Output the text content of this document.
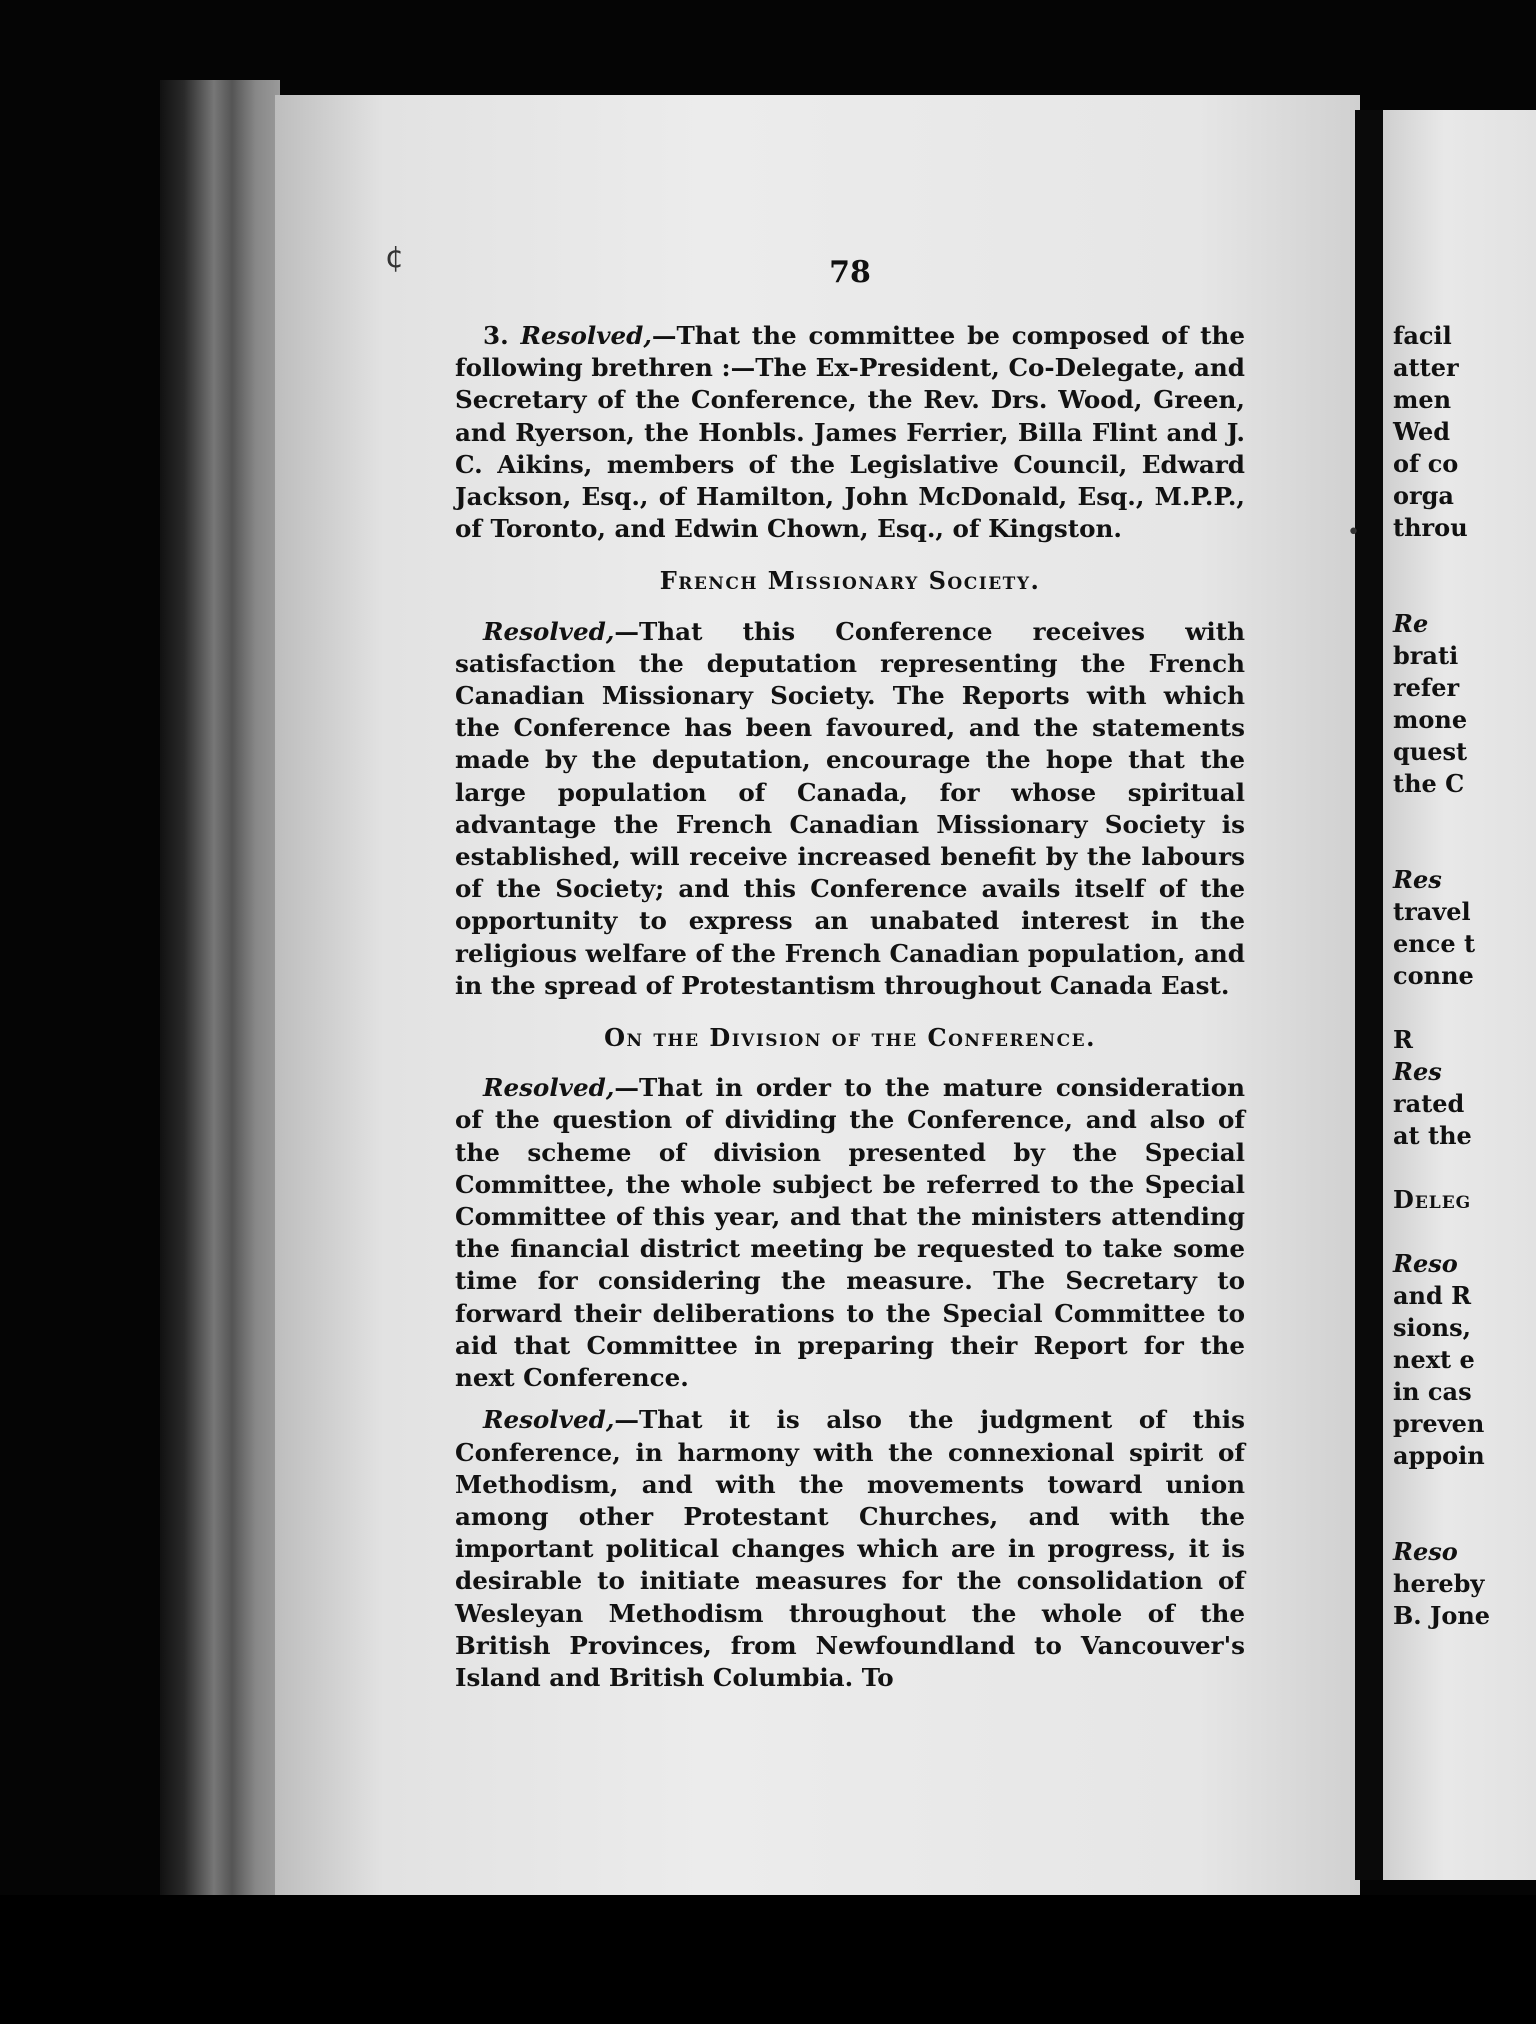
facil
atter
men
Wed
of co
orga
throu
Re
brati
refer
mone
quest
the C
Res
travel
ence t
conne
R
Res
rated
at the
Deleg
Reso
and R
sions,
next e
in cas
preven
appoin
Reso
hereby
B. Jone
78

3. Resolved,—That the committee be composed of the following brethren :—The Ex-President, Co-Delegate, and Secretary of the Conference, the Rev. Drs. Wood, Green, and Ryerson, the Honbls. James Ferrier, Billa Flint and J. C. Aikins, members of the Legislative Council, Edward Jackson, Esq., of Hamilton, John McDonald, Esq., M.P.P., of Toronto, and Edwin Chown, Esq., of Kingston.

French Missionary Society.

Resolved,—That this Conference receives with satisfaction the deputation representing the French Canadian Missionary Society. The Reports with which the Conference has been favoured, and the statements made by the deputation, encourage the hope that the large population of Canada, for whose spiritual advantage the French Canadian Missionary Society is established, will receive increased benefit by the labours of the Society; and this Conference avails itself of the opportunity to express an unabated interest in the religious welfare of the French Canadian population, and in the spread of Protestantism throughout Canada East.

On the Division of the Conference.

Resolved,—That in order to the mature consideration of the question of dividing the Conference, and also of the scheme of division presented by the Special Committee, the whole subject be referred to the Special Committee of this year, and that the ministers attending the financial district meeting be requested to take some time for considering the measure. The Secretary to forward their deliberations to the Special Committee to aid that Committee in preparing their Report for the next Conference.

Resolved,—That it is also the judgment of this Conference, in harmony with the connexional spirit of Methodism, and with the movements toward union among other Protestant Churches, and with the important political changes which are in progress, it is desirable to initiate measures for the consolidation of Wesleyan Methodism throughout the whole of the British Provinces, from Newfoundland to Vancouver's Island and British Columbia. To

¢
•
